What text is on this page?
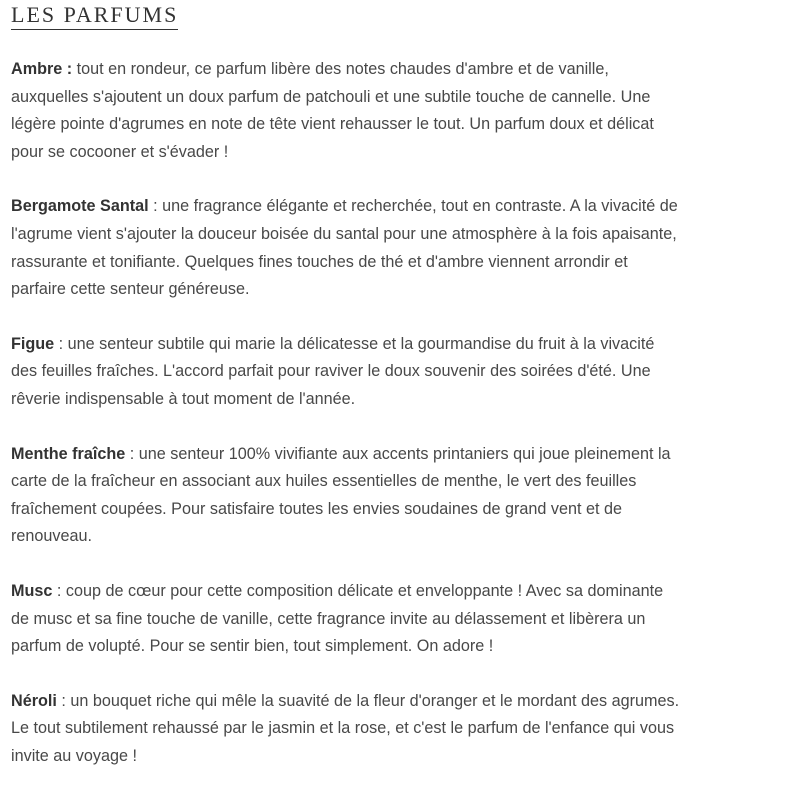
LES PARFUMS

Ambre : tout en rondeur, ce parfum libère des notes chaudes d'ambre et de vanille, auxquelles s'ajoutent un doux parfum de patchouli et une subtile touche de cannelle. Une légère pointe d'agrumes en note de tête vient rehausser le tout. Un parfum doux et délicat pour se cocooner et s'évader !

Bergamote Santal : une fragrance élégante et recherchée, tout en contraste. A la vivacité de l'agrume vient s'ajouter la douceur boisée du santal pour une atmosphère à la fois apaisante, rassurante et tonifiante. Quelques fines touches de thé et d'ambre viennent arrondir et parfaire cette senteur généreuse.

Figue : une senteur subtile qui marie la délicatesse et la gourmandise du fruit à la vivacité des feuilles fraîches. L'accord parfait pour raviver le doux souvenir des soirées d'été. Une rêverie indispensable à tout moment de l'année.

Menthe fraîche : une senteur 100% vivifiante aux accents printaniers qui joue pleinement la carte de la fraîcheur en associant aux huiles essentielles de menthe, le vert des feuilles fraîchement coupées. Pour satisfaire toutes les envies soudaines de grand vent et de renouveau.

Musc : coup de cœur pour cette composition délicate et enveloppante ! Avec sa dominante de musc et sa fine touche de vanille, cette fragrance invite au délassement et libèrera un parfum de volupté. Pour se sentir bien, tout simplement. On adore !

Néroli : un bouquet riche qui mêle la suavité de la fleur d'oranger et le mordant des agrumes. Le tout subtilement rehaussé par le jasmin et la rose, et c'est le parfum de l'enfance qui vous invite au voyage !
